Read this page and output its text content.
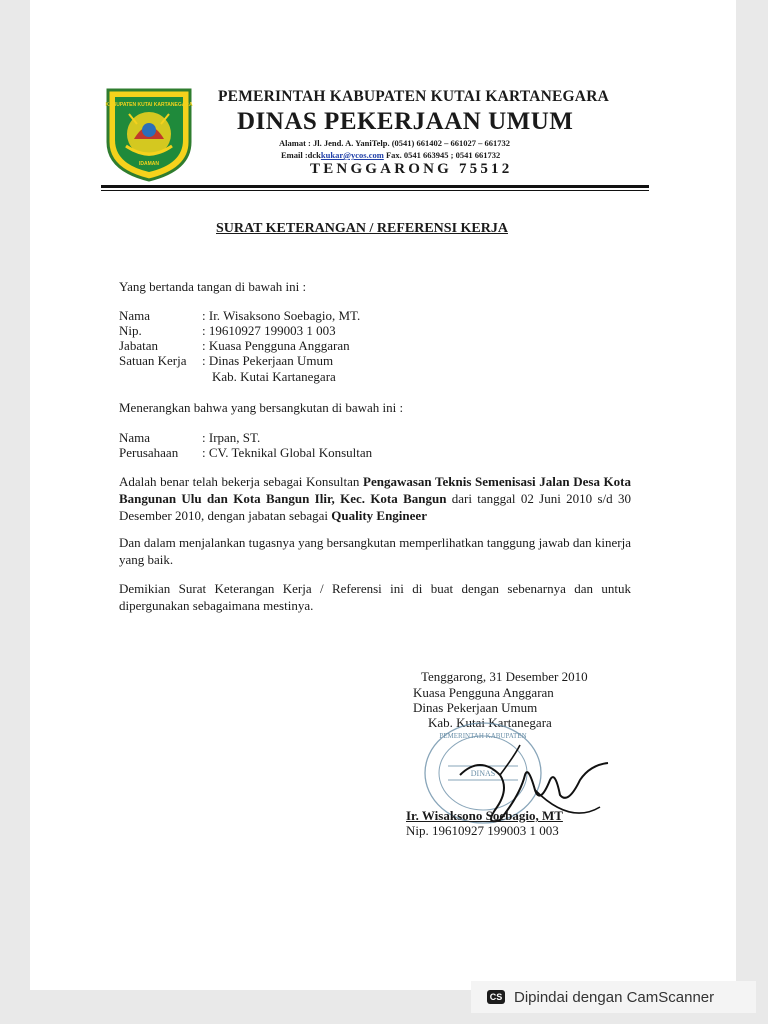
KABUPATEN KUTAI KARTANEGARA
IDAMAN
PEMERINTAH KABUPATEN KUTAI KARTANEGARA
DINAS PEKERJAAN UMUM
Alamat : Jl. Jend. A. YaniTelp. (0541) 661402 – 661027 – 661732
Email :dckkukar@ycos.com Fax. 0541 663945 ; 0541 661732
TENGGARONG 75512
SURAT KETERANGAN / REFERENSI KERJA
Yang bertanda tangan di bawah ini :
Nama	: Ir. Wisaksono Soebagio, MT.
Nip.	: 19610927 199003 1 003
Jabatan	: Kuasa Pengguna Anggaran
Satuan Kerja : Dinas Pekerjaan Umum
Kab. Kutai Kartanegara
Menerangkan bahwa yang bersangkutan di bawah ini :
Nama	: Irpan, ST.
Perusahaan : CV. Teknikal Global Konsultan
Adalah benar telah bekerja sebagai Konsultan Pengawasan Teknis Semenisasi Jalan Desa Kota Bangunan Ulu dan Kota Bangun Ilir, Kec. Kota Bangun dari tanggal 02 Juni 2010 s/d 30 Desember 2010, dengan jabatan sebagai Quality Engineer
Dan dalam menjalankan tugasnya yang bersangkutan memperlihatkan tanggung jawab dan kinerja yang baik.
Demikian Surat Keterangan Kerja / Referensi ini di buat dengan sebenarnya dan untuk dipergunakan sebagaimana mestinya.
Tenggarong, 31 Desember 2010
Kuasa Pengguna Anggaran
Dinas Pekerjaan Umum
Kab. Kutai Kartanegara
PEMERINTAH KABUPATEN
DINAS
Ir. Wisaksono Soebagio, MT
Nip. 19610927 199003 1 003
CS Dipindai dengan CamScanner
